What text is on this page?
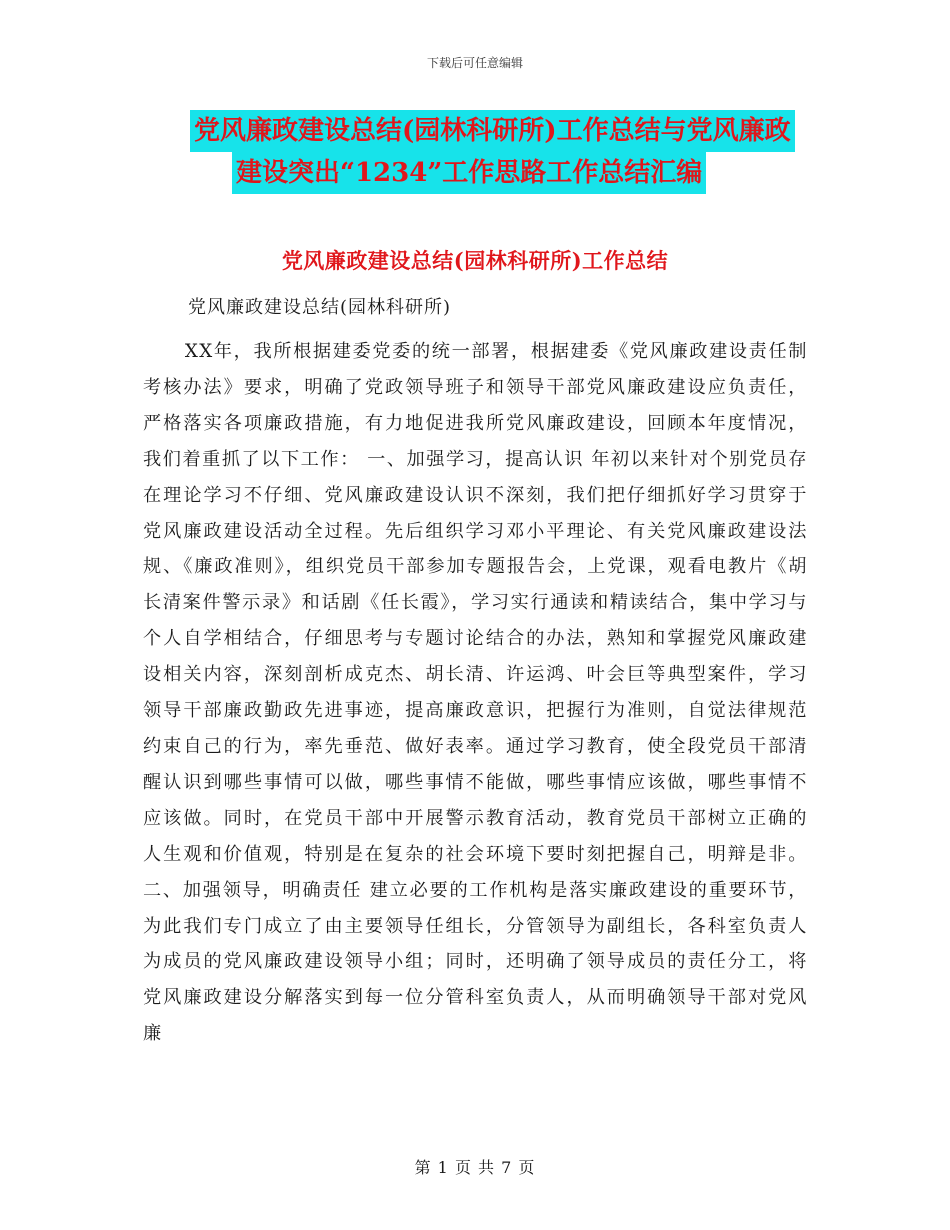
下载后可任意编辑
党风廉政建设总结(园林科研所)工作总结与党风廉政
建设突出“1234”工作思路工作总结汇编
党风廉政建设总结(园林科研所)工作总结
党风廉政建设总结(园林科研所)

XX年，我所根据建委党委的统一部署，根据建委《党风廉政建设责任制考核办法》要求，明确了党政领导班子和领导干部党风廉政建设应负责任，严格落实各项廉政措施，有力地促进我所党风廉政建设，回顾本年度情况，我们着重抓了以下工作： 一、加强学习，提高认识 年初以来针对个别党员存在理论学习不仔细、党风廉政建设认识不深刻，我们把仔细抓好学习贯穿于党风廉政建设活动全过程。先后组织学习邓小平理论、有关党风廉政建设法规、《廉政准则》，组织党员干部参加专题报告会，上党课，观看电教片《胡长清案件警示录》和话剧《任长霞》，学习实行通读和精读结合，集中学习与个人自学相结合，仔细思考与专题讨论结合的办法，熟知和掌握党风廉政建设相关内容，深刻剖析成克杰、胡长清、许运鸿、叶会巨等典型案件，学习领导干部廉政勤政先进事迹，提高廉政意识，把握行为准则，自觉法律规范约束自己的行为，率先垂范、做好表率。通过学习教育，使全段党员干部清醒认识到哪些事情可以做，哪些事情不能做，哪些事情应该做，哪些事情不应该做。同时，在党员干部中开展警示教育活动，教育党员干部树立正确的人生观和价值观，特别是在复杂的社会环境下要时刻把握自己，明辩是非。 二、加强领导，明确责任 建立必要的工作机构是落实廉政建设的重要环节，为此我们专门成立了由主要领导任组长，分管领导为副组长，各科室负责人为成员的党风廉政建设领导小组；同时，还明确了领导成员的责任分工，将党风廉政建设分解落实到每一位分管科室负责人，从而明确领导干部对党风廉

第 1 页 共 7 页
